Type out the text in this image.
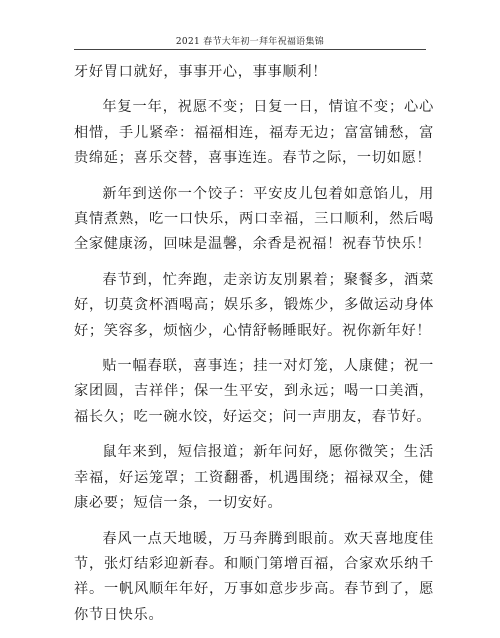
2021 春节大年初一拜年祝福语集锦

牙好胃口就好，事事开心，事事顺利！

年复一年，祝愿不变；日复一日，情谊不变；心心相惜，手儿紧牵：福福相连，福寿无边；富富铺愁，富贵绵延；喜乐交替，喜事连连。春节之际，一切如愿！

新年到送你一个饺子：平安皮儿包着如意馅儿，用真情煮熟，吃一口快乐，两口幸福，三口顺利，然后喝全家健康汤，回味是温馨，余香是祝福！祝春节快乐！

春节到，忙奔跑，走亲访友別累着；聚餐多，酒菜好，切莫贪杯酒喝高；娱乐多，锻炼少，多做运动身体好；笑容多，烦恼少，心情舒畅睡眠好。祝你新年好！

贴一幅春联，喜事连；挂一对灯笼，人康健；祝一家团圆，吉祥伴；保一生平安，到永远；喝一口美酒，福长久；吃一碗水饺，好运交；问一声朋友，春节好。

鼠年来到，短信报道；新年问好，愿你微笑；生活幸福，好运笼罩；工资翻番，机遇围绕；福禄双全，健康必要；短信一条，一切安好。

春风一点天地暖，万马奔腾到眼前。欢天喜地度佳节，张灯结彩迎新春。和顺门第增百福，合家欢乐纳千祥。一帆风顺年年好，万事如意步步高。春节到了，愿你节日快乐。
